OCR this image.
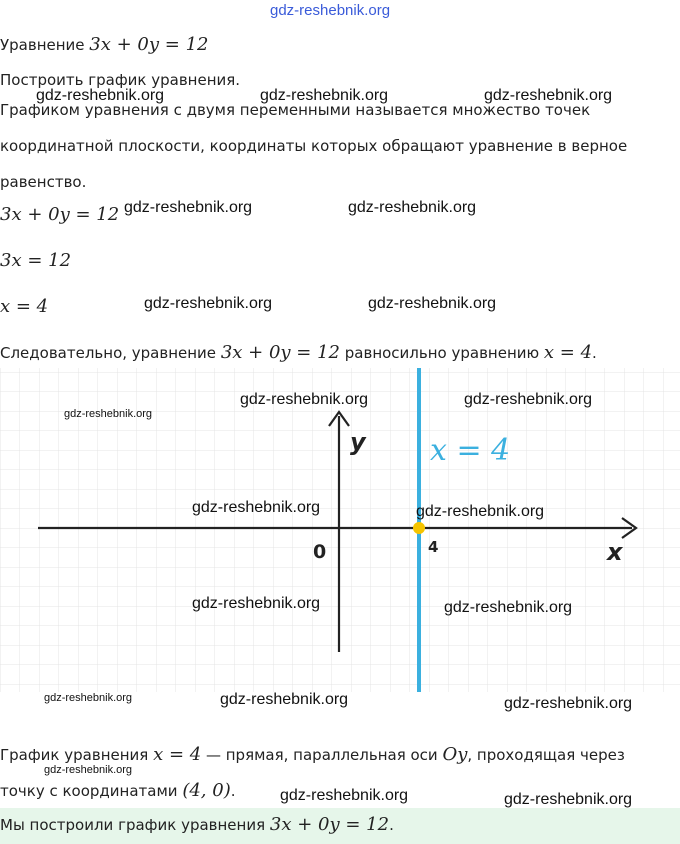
gdz-reshebnik.org
Уравнение 3x + 0y = 12
Построить график уравнения.
Графиком уравнения с двумя переменными называется множество точек
координатной плоскости, координаты которых обращают уравнение в верное
равенство.
3x + 0y = 12
3x = 12
x = 4
Следовательно, уравнение 3x + 0y = 12 равносильно уравнению x = 4.
y
x
0	4
x = 4
График уравнения x = 4 — прямая, параллельная оси Oy, проходящая через
точку с координатами (4, 0).
Мы построили график уравнения 3x + 0y = 12.
gdz-reshebnik.org	gdz-reshebnik.org	gdz-reshebnik.org
gdz-reshebnik.org	gdz-reshebnik.org
gdz-reshebnik.org	gdz-reshebnik.org
gdz-reshebnik.org
gdz-reshebnik.org	gdz-reshebnik.org
gdz-reshebnik.org	gdz-reshebnik.org
gdz-reshebnik.org	gdz-reshebnik.org
gdz-reshebnik.org	gdz-reshebnik.org	gdz-reshebnik.org
gdz-reshebnik.org
gdz-reshebnik.org	gdz-reshebnik.org
